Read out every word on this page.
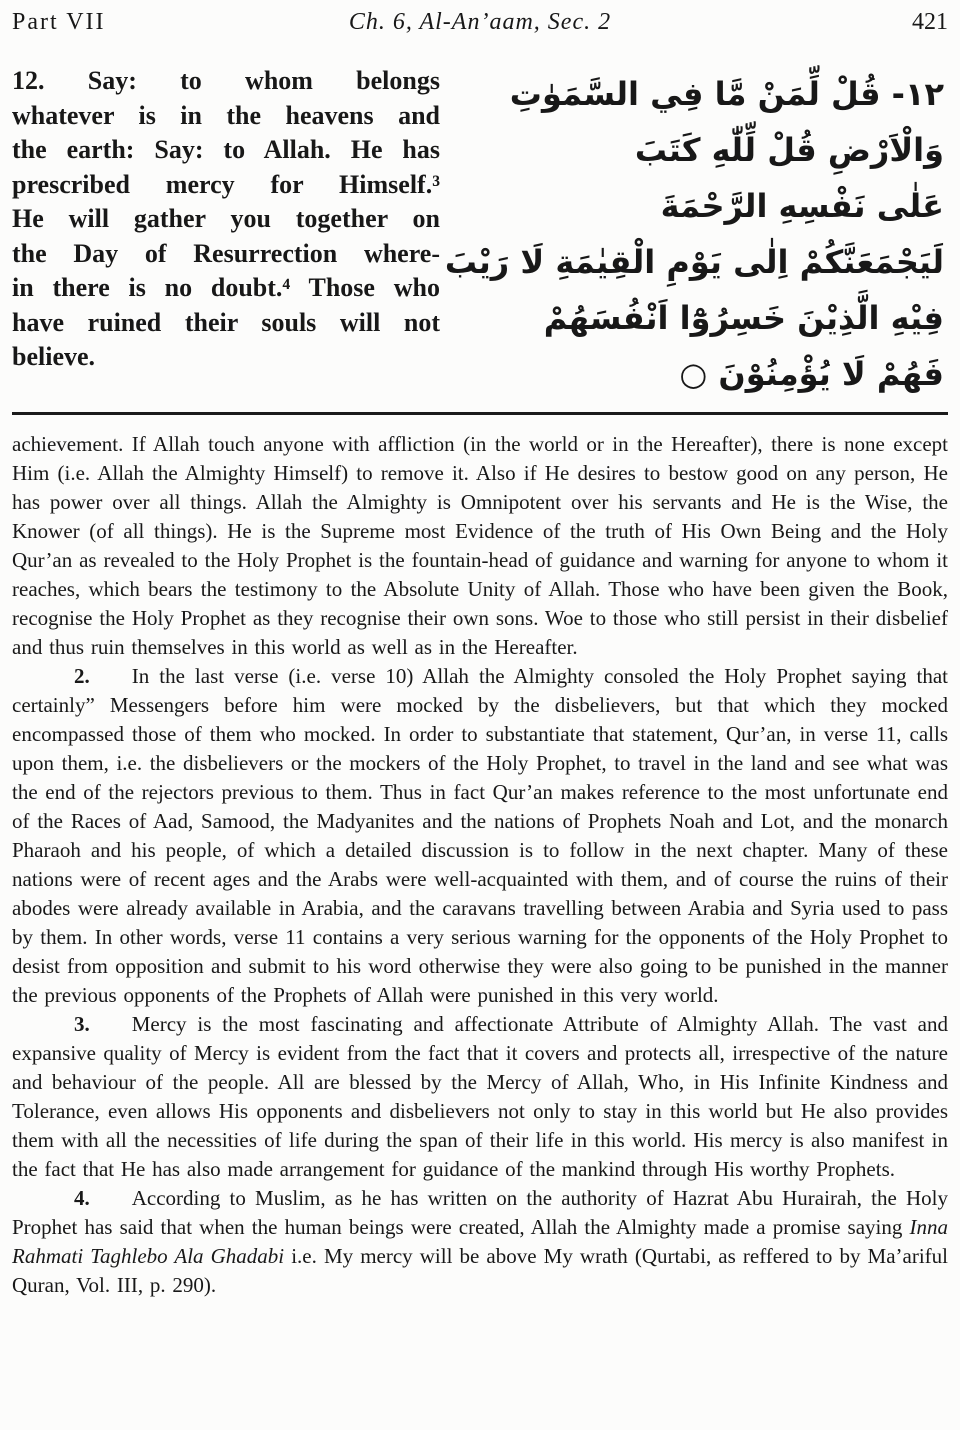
Part VII	Ch. 6, Al-An’aam, Sec. 2	421
12. Say: to whom belongs
whatever is in the heavens and
the earth: Say: to Allah. He has
prescribed mercy for Himself.³
He will gather you together on
the Day of Resurrection where-
in there is no doubt.⁴ Those who
have ruined their souls will not
believe.
۱۲- قُلْ لِّمَنْ مَّا فِي السَّمَوٰتِ
وَالْاَرْضِ قُلْ لِّلّٰهِ كَتَبَ
عَلٰى نَفْسِهِ الرَّحْمَةَ
لَيَجْمَعَنَّكُمْ اِلٰى يَوْمِ الْقِيٰمَةِ لَا رَيْبَ
فِيْهِ الَّذِيْنَ خَسِرُوْٓا اَنْفُسَهُمْ
فَهُمْ لَا يُؤْمِنُوْنَ ○

achievement. If Allah touch anyone with affliction (in the world or in the Hereafter), there is none except Him (i.e. Allah the Almighty Himself) to remove it. Also if He desires to bestow good on any person, He has power over all things. Allah the Almighty is Omnipotent over his servants and He is the Wise, the Knower (of all things). He is the Supreme most Evidence of the truth of His Own Being and the Holy Qur’an as revealed to the Holy Prophet is the fountain-head of guidance and warning for anyone to whom it reaches, which bears the testimony to the Absolute Unity of Allah. Those who have been given the Book, recognise the Holy Prophet as they recognise their own sons. Woe to those who still persist in their disbelief and thus ruin themselves in this world as well as in the Hereafter.

2. In the last verse (i.e. verse 10) Allah the Almighty consoled the Holy Prophet saying that certainly” Messengers before him were mocked by the disbelievers, but that which they mocked encompassed those of them who mocked. In order to substantiate that statement, Qur’an, in verse 11, calls upon them, i.e. the disbelievers or the mockers of the Holy Prophet, to travel in the land and see what was the end of the rejectors previous to them. Thus in fact Qur’an makes reference to the most unfortunate end of the Races of Aad, Samood, the Madyanites and the nations of Prophets Noah and Lot, and the monarch Pharaoh and his people, of which a detailed discussion is to follow in the next chapter. Many of these nations were of recent ages and the Arabs were well-acquainted with them, and of course the ruins of their abodes were already available in Arabia, and the caravans travelling between Arabia and Syria used to pass by them. In other words, verse 11 contains a very serious warning for the opponents of the Holy Prophet to desist from opposition and submit to his word otherwise they were also going to be punished in the manner the previous opponents of the Prophets of Allah were punished in this very world.

3. Mercy is the most fascinating and affectionate Attribute of Almighty Allah. The vast and expansive quality of Mercy is evident from the fact that it covers and protects all, irrespective of the nature and behaviour of the people. All are blessed by the Mercy of Allah, Who, in His Infinite Kindness and Tolerance, even allows His opponents and disbelievers not only to stay in this world but He also provides them with all the necessities of life during the span of their life in this world. His mercy is also manifest in the fact that He has also made arrangement for guidance of the mankind through His worthy Prophets.

4. According to Muslim, as he has written on the authority of Hazrat Abu Hurairah, the Holy Prophet has said that when the human beings were created, Allah the Almighty made a promise saying Inna Rahmati Taghlebo Ala Ghadabi i.e. My mercy will be above My wrath (Qurtabi, as reffered to by Ma’ariful Quran, Vol. III, p. 290).
